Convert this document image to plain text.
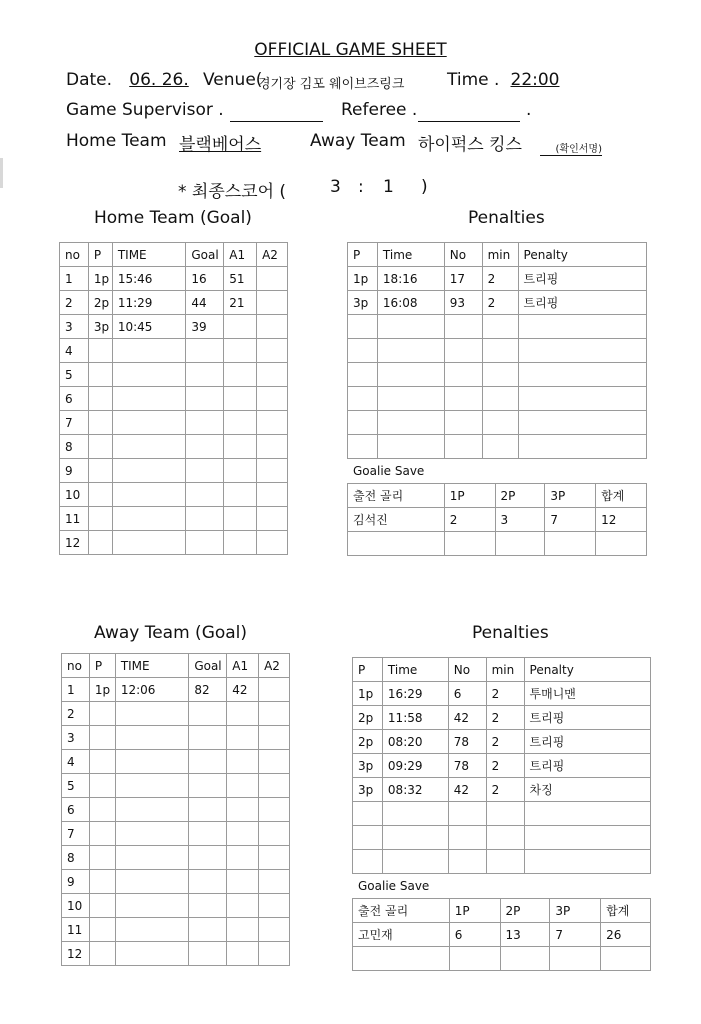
OFFICIAL GAME SHEET
Date.	06. 26. Venue(
경기장 김포 웨이브즈링크	Time . 22:00
Game Supervisor .	Referee .	.
Home Team 블랙베어스	Away Team 하이퍽스 킹스	(확인서명)
* 최종스코어 (	3 : 1 )
Home Team (Goal)	Penalties
no	P	TIME	Goal	A1	A2
1	1p	15:46	16	51	
2	2p	11:29	44	21	
3	3p	10:45	39		
4					
5					
6					
7					
8					
9					
10					
11					
12					
P	Time	No	min	Penalty
1p	18:16	17	2	트리핑
3p	16:08	93	2	트리핑

Goalie Save
출전 골리	1P	2P	3P	합계
김석진	2	3	7	12

Away Team (Goal)	Penalties
no	P	TIME	Goal	A1	A2
1	1p	12:06	82	42	
2					
3					
4					
5					
6					
7					
8					
9					
10					
11					
12					
P	Time	No	min	Penalty
1p	16:29	6	2	투매니맨
2p	11:58	42	2	트리핑
2p	08:20	78	2	트리핑
3p	09:29	78	2	트리핑
3p	08:32	42	2	차징

Goalie Save
출전 골리	1P	2P	3P	합계
고민재	6	13	7	26
